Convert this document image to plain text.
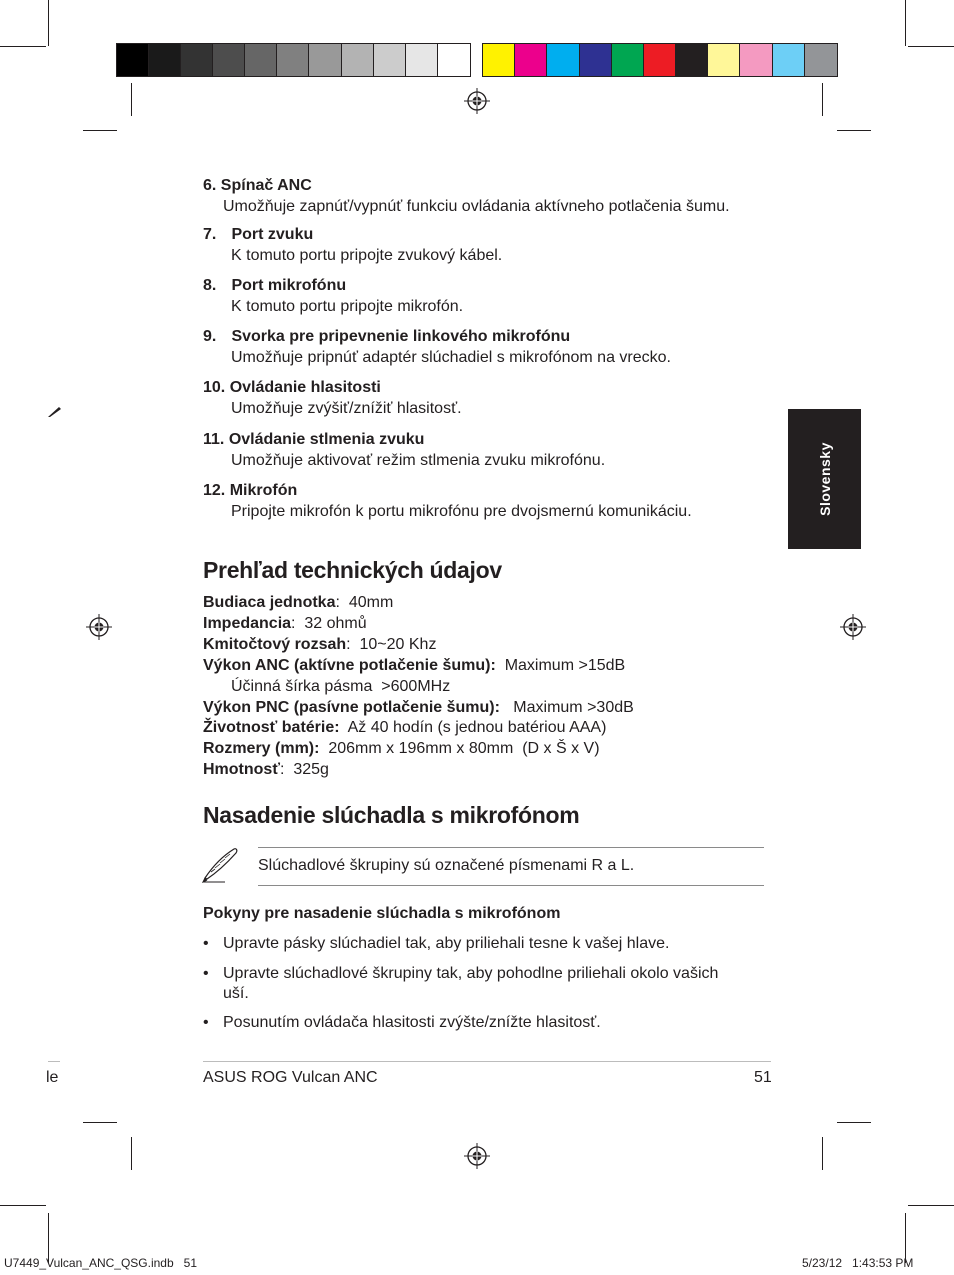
6. Spínač ANC
Umožňuje zapnúť/vypnúť funkciu ovládania aktívneho potlačenia šumu.
7. Port zvuku
K tomuto portu pripojte zvukový kábel.
8. Port mikrofónu
K tomuto portu pripojte mikrofón.
9. Svorka pre pripevnenie linkového mikrofónu
Umožňuje pripnúť adaptér slúchadiel s mikrofónom na vrecko.
10. Ovládanie hlasitosti
Umožňuje zvýšiť/znížiť hlasitosť.
11. Ovládanie stlmenia zvuku
Umožňuje aktivovať režim stlmenia zvuku mikrofónu.
12. Mikrofón
Pripojte mikrofón k portu mikrofónu pre dvojsmernú komunikáciu.
Prehľad technických údajov
Budiaca jednotka:  40mm
Impedancia:  32 ohmů
Kmitočtový rozsah:  10~20 Khz
Výkon ANC (aktívne potlačenie šumu): Maximum >15dB
Účinná šírka pásma  >600MHz
Výkon PNC (pasívne potlačenie šumu): Maximum >30dB
Životnosť batérie: Až 40 hodín (s jednou batériou AAA)
Rozmery (mm): 206mm x 196mm x 80mm  (D x Š x V)
Hmotnosť:  325g
Nasadenie slúchadla s mikrofónom
Slúchadlové škrupiny sú označené písmenami R a L.
Pokyny pre nasadenie slúchadla s mikrofónom
• Upravte pásky slúchadiel tak, aby priliehali tesne k vašej hlave.
• Upravte slúchadlové škrupiny tak, aby pohodlne priliehali okolo vašich uší.
• Posunutím ovládača hlasitosti zvýšte/znížte hlasitosť.
Slovensky
le	ASUS ROG Vulcan ANC	51
U7449_Vulcan_ANC_QSG.indb   51	5/23/12   1:43:53 PM
